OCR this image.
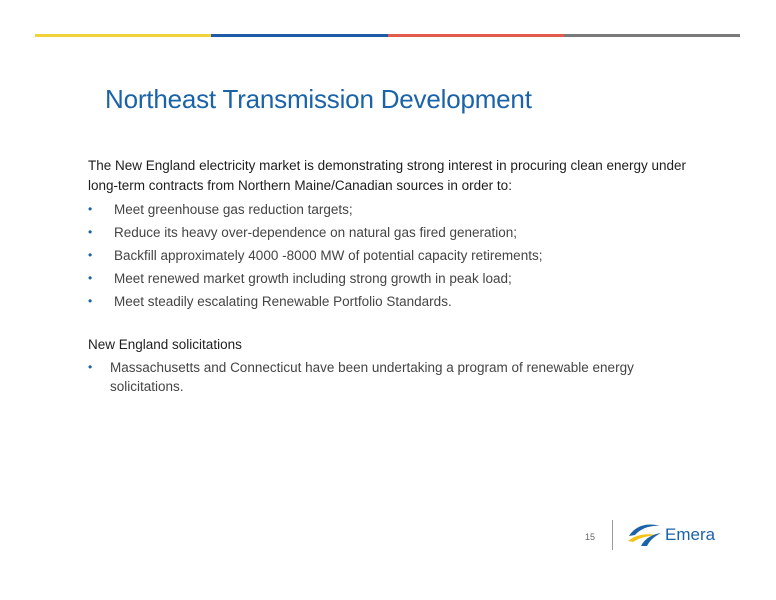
Northeast Transmission Development

The New England electricity market is demonstrating strong interest in procuring clean energy under long-term contracts from Northern Maine/Canadian sources in order to:

• Meet greenhouse gas reduction targets;
• Reduce its heavy over-dependence on natural gas fired generation;
• Backfill approximately 4000 -8000 MW of potential capacity retirements;
• Meet renewed market growth including strong growth in peak load;
• Meet steadily escalating Renewable Portfolio Standards.

New England solicitations

• Massachusetts and Connecticut have been undertaking a program of renewable energy solicitations.
15	Emera
